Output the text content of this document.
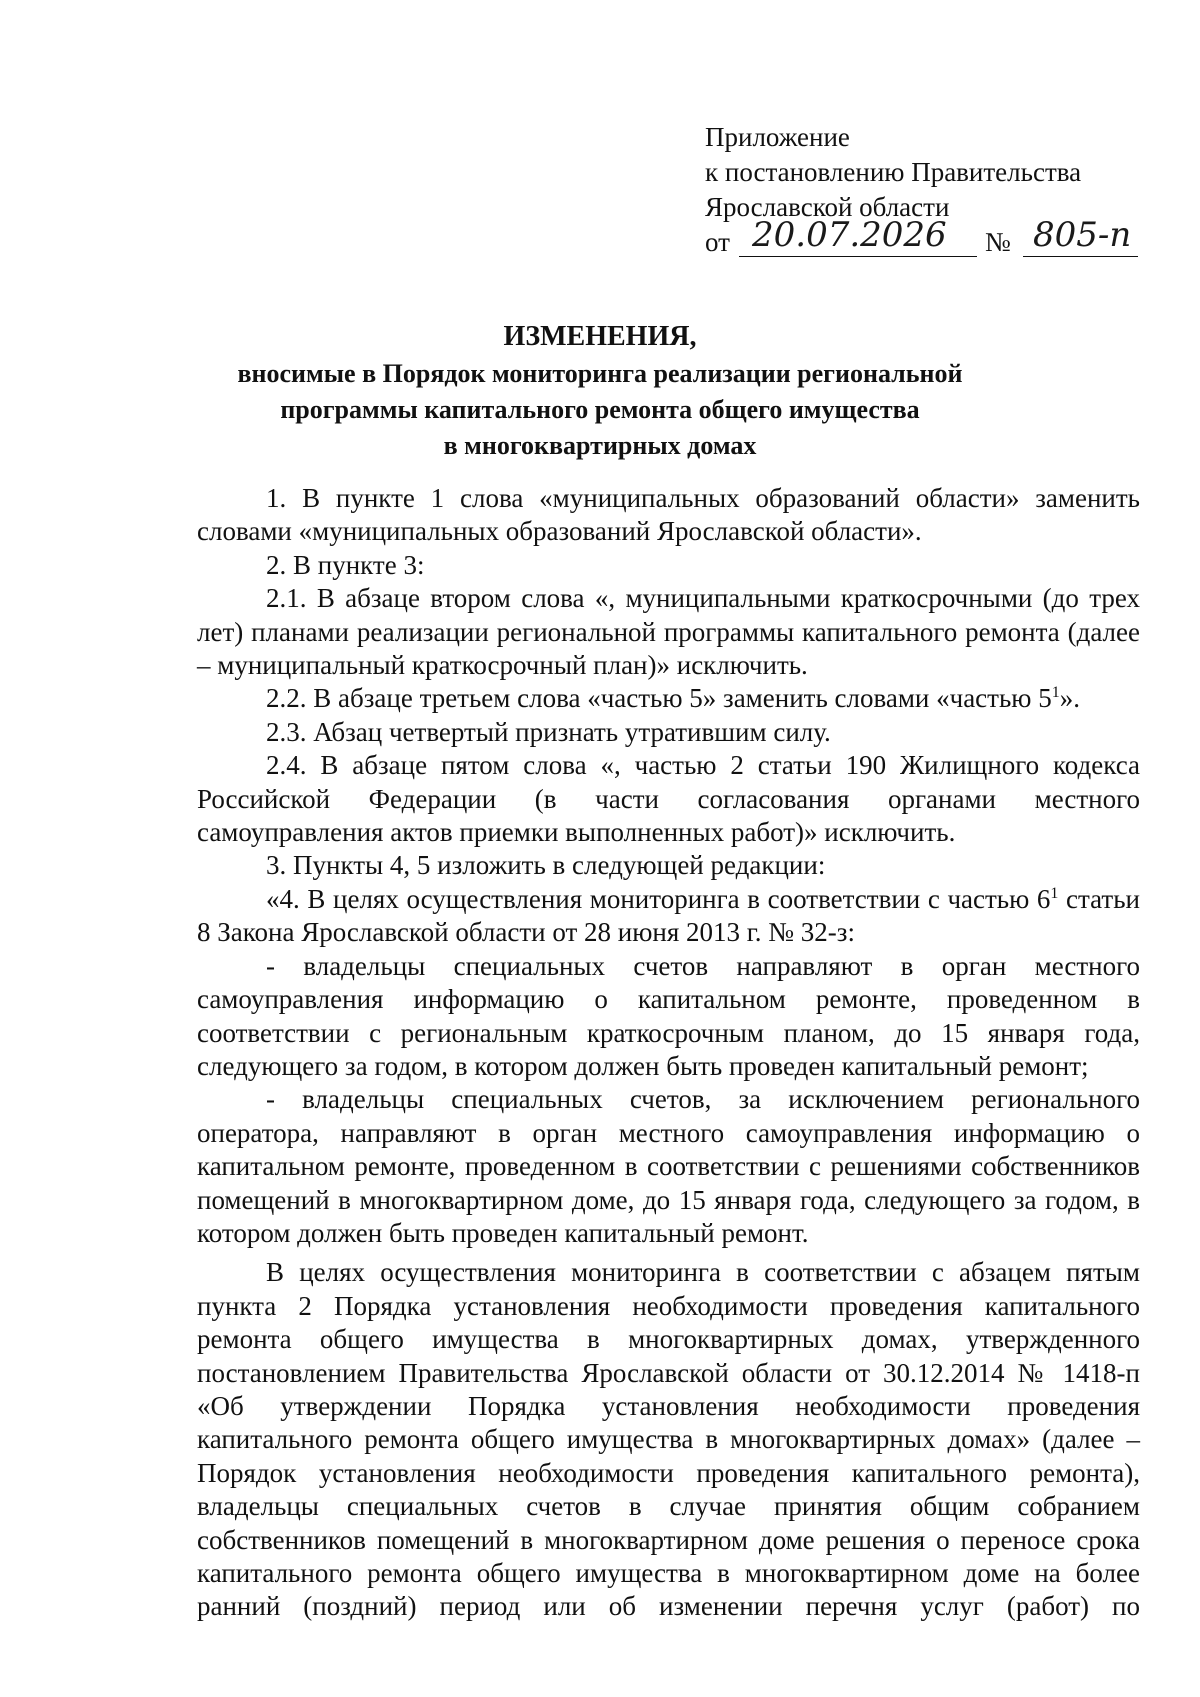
Приложение
к постановлению Правительства
Ярославской области
от 20.07.2026 № 805-п
ИЗМЕНЕНИЯ,
вносимые в Порядок мониторинга реализации региональной
программы капитального ремонта общего имущества
в многоквартирных домах

1. В пункте 1 слова «муниципальных образований области» заменить словами «муниципальных образований Ярославской области».

2. В пункте 3:

2.1. В абзаце втором слова «, муниципальными краткосрочными (до трех лет) планами реализации региональной программы капитального ремонта (далее – муниципальный краткосрочный план)» исключить.

2.2. В абзаце третьем слова «частью 5» заменить словами «частью $5^1$».

2.3. Абзац четвертый признать утратившим силу.

2.4. В абзаце пятом слова «, частью 2 статьи 190 Жилищного кодекса Российской Федерации (в части согласования органами местного самоуправления актов приемки выполненных работ)» исключить.

3. Пункты 4, 5 изложить в следующей редакции:

«4. В целях осуществления мониторинга в соответствии с частью $6^1$ статьи 8 Закона Ярославской области от 28 июня 2013 г. № 32-з:

- владельцы специальных счетов направляют в орган местного самоуправления информацию о капитальном ремонте, проведенном в соответствии с региональным краткосрочным планом, до 15 января года, следующего за годом, в котором должен быть проведен капитальный ремонт;

- владельцы специальных счетов, за исключением регионального оператора, направляют в орган местного самоуправления информацию о капитальном ремонте, проведенном в соответствии с решениями собственников помещений в многоквартирном доме, до 15 января года, следующего за годом, в котором должен быть проведен капитальный ремонт.

В целях осуществления мониторинга в соответствии с абзацем пятым пункта 2 Порядка установления необходимости проведения капитального ремонта общего имущества в многоквартирных домах, утвержденного постановлением Правительства Ярославской области от 30.12.2014 № 1418-п «Об утверждении Порядка установления необходимости проведения капитального ремонта общего имущества в многоквартирных домах» (далее – Порядок установления необходимости проведения капитального ремонта), владельцы специальных счетов в случае принятия общим собранием собственников помещений в многоквартирном доме решения о переносе срока капитального ремонта общего имущества в многоквартирном доме на более ранний (поздний) период или об изменении перечня услуг (работ) по
